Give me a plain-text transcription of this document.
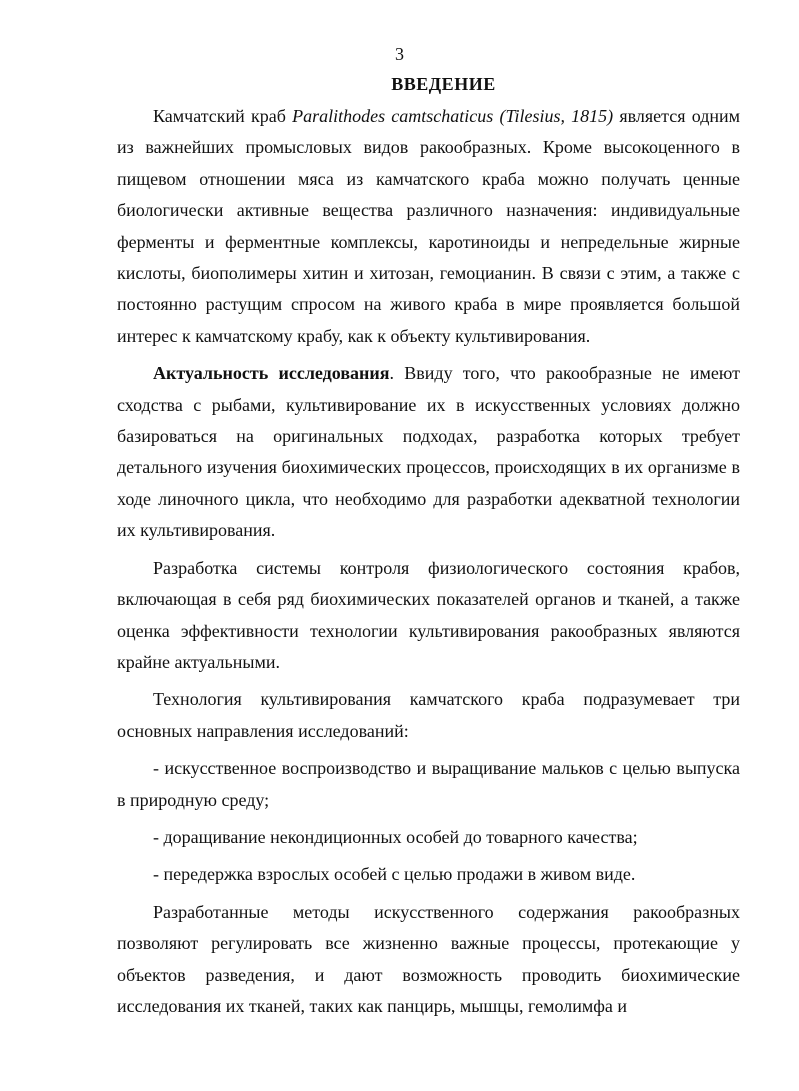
3
ВВЕДЕНИЕ

Камчатский краб Paralithodes camtschaticus (Tilesius, 1815) является одним из важнейших промысловых видов ракообразных. Кроме высокоценного в пищевом отношении мяса из камчатского краба можно получать ценные биологически активные вещества различного назначения: индивидуальные ферменты и ферментные комплексы, каротиноиды и непредельные жирные кислоты, биополимеры хитин и хитозан, гемоцианин. В связи с этим, а также с постоянно растущим спросом на живого краба в мире проявляется большой интерес к камчатскому крабу, как к объекту культивирования.

Актуальность исследования. Ввиду того, что ракообразные не имеют сходства с рыбами, культивирование их в искусственных условиях должно базироваться на оригинальных подходах, разработка которых требует детального изучения биохимических процессов, происходящих в их организме в ходе линочного цикла, что необходимо для разработки адекватной технологии их культивирования.

Разработка системы контроля физиологического состояния крабов, включающая в себя ряд биохимических показателей органов и тканей, а также оценка эффективности технологии культивирования ракообразных являются крайне актуальными.

Технология культивирования камчатского краба подразумевает три основных направления исследований:

- искусственное воспроизводство и выращивание мальков с целью выпуска в природную среду;

- доращивание некондиционных особей до товарного качества;

- передержка взрослых особей с целью продажи в живом виде.

Разработанные методы искусственного содержания ракообразных позволяют регулировать все жизненно важные процессы, протекающие у объектов разведения, и дают возможность проводить биохимические исследования их тканей, таких как панцирь, мышцы, гемолимфа и
